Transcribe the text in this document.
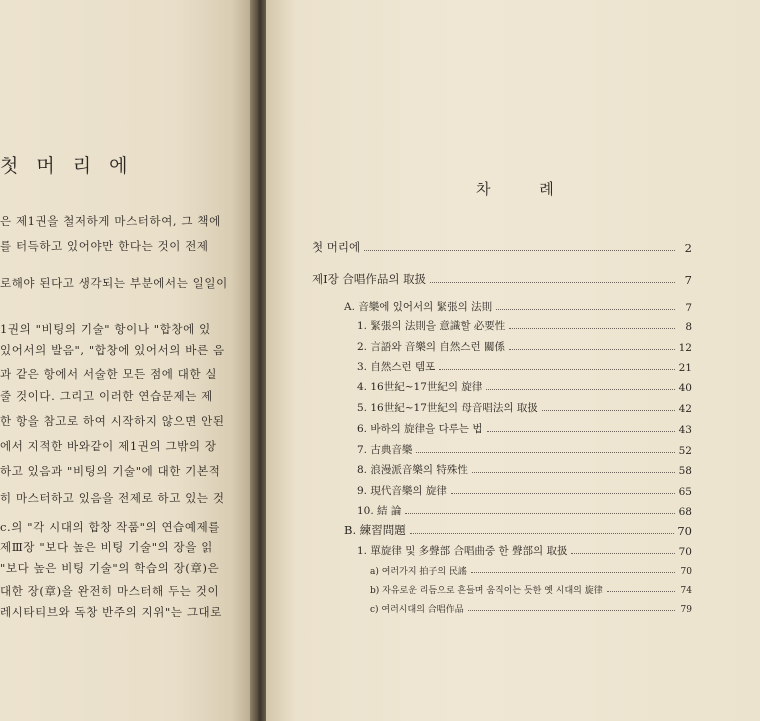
첫 머 리 에
은 제1권을 철저하게 마스터하여, 그 책에
를 터득하고 있어야만 한다는 것이 전제
로해야 된다고 생각되는 부분에서는 일일이
1권의 "비팅의 기술" 항이나 "합창에 있
있어서의 발음", "합창에 있어서의 바른 음
과 같은 항에서 서술한 모든 점에 대한 실
줄 것이다. 그리고 이러한 연습문제는 제
한 항을 참고로 하여 시작하지 않으면 안된
에서 지적한 바와같이 제1권의 그밖의 장
하고 있음과 "비팅의 기술"에 대한 기본적
히 마스터하고 있음을 전제로 하고 있는 것
c.의 "각 시대의 합창 작품"의 연습예제를
제Ⅲ장 "보다 높은 비팅 기술"의 장을 읽
"보다 높은 비팅 기술"의 학습의 장(章)은
대한 장(章)을 완전히 마스터해 두는 것이
레시타티브와 독창 반주의 지위"는 그대로
차 례
첫 머리에	2
제Ⅰ장 合唱作品의 取扱	7
A. 音樂에 있어서의 緊張의 法則	7
1. 緊張의 法則을 意識할 必要性	8
2. 言語와 音樂의 自然스런 關係	12
3. 自然스런 템포	21
4. 16世紀~17世紀의 旋律	40
5. 16世紀~17世紀의 母音唱法의 取扱	42
6. 바하의 旋律을 다루는 법	43
7. 古典音樂	52
8. 浪漫派音樂의 特殊性	58
9. 現代音樂의 旋律	65
10. 結 論	68
B. 練習問題	70
1. 單旋律 및 多聲部 合唱曲중 한 聲部의 取扱	70
a) 여러가지 拍子의 民謠	70
b) 자유로운 리듬으로 흔들며 움직이는 듯한 옛 시대의 旋律	74
c) 여러시대의 合唱作品	79
